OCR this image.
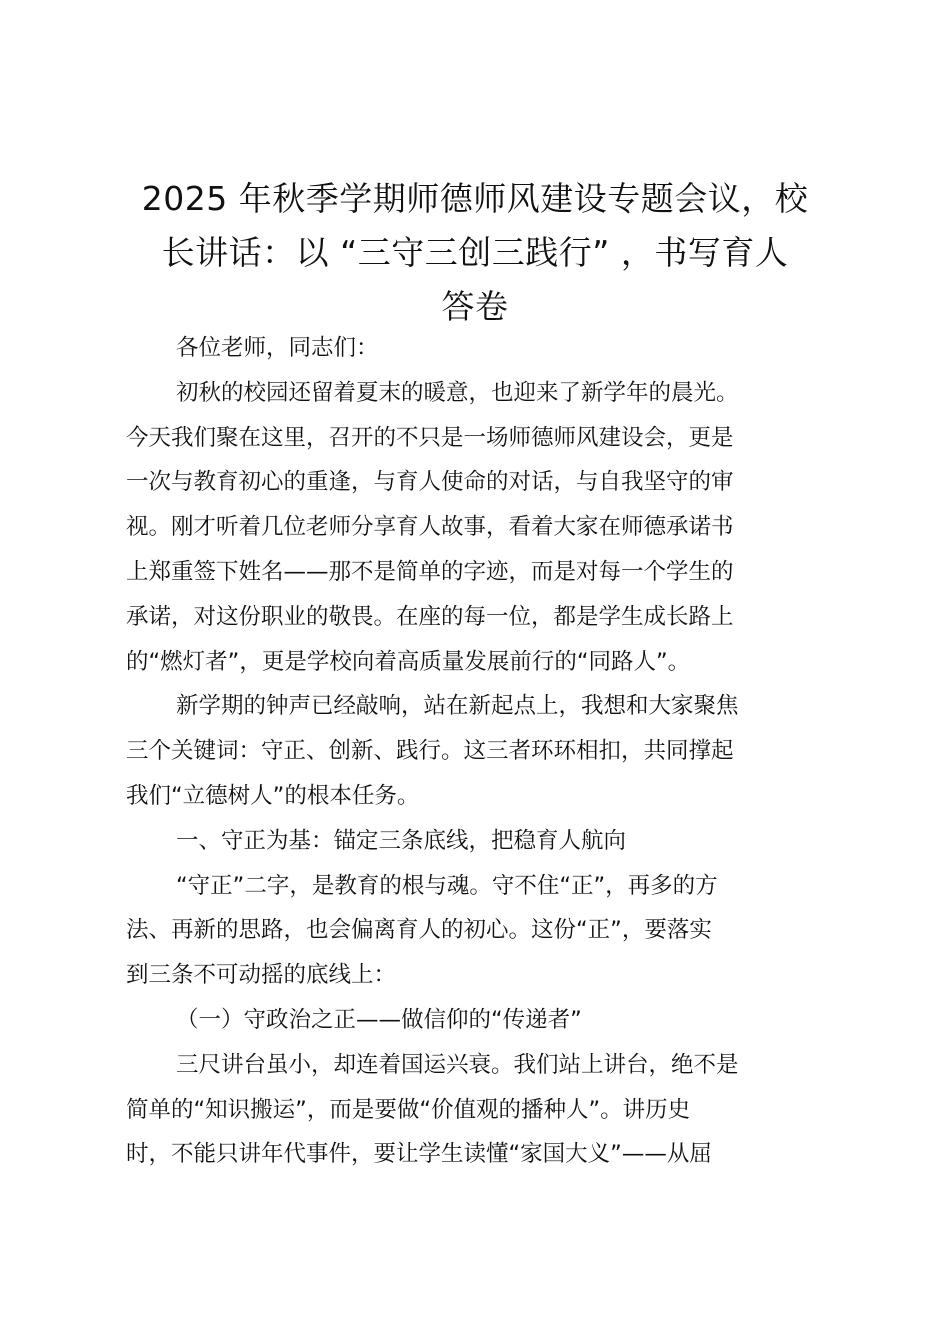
2025 年秋季学期师德师风建设专题会议，校
长讲话：以 “三守三创三践行” ，书写育人
答卷
各位老师，同志们：
初秋的校园还留着夏末的暖意，也迎来了新学年的晨光。
今天我们聚在这里，召开的不只是一场师德师风建设会，更是
一次与教育初心的重逢，与育人使命的对话，与自我坚守的审
视。刚才听着几位老师分享育人故事，看着大家在师德承诺书
上郑重签下姓名——那不是简单的字迹，而是对每一个学生的
承诺，对这份职业的敬畏。在座的每一位，都是学生成长路上
的“燃灯者”，更是学校向着高质量发展前行的“同路人”。
新学期的钟声已经敲响，站在新起点上，我想和大家聚焦
三个关键词：守正、创新、践行。这三者环环相扣，共同撑起
我们“立德树人”的根本任务。
一、守正为基：锚定三条底线，把稳育人航向
“守正”二字，是教育的根与魂。守不住“正”，再多的方
法、再新的思路，也会偏离育人的初心。这份“正”，要落实
到三条不可动摇的底线上：
（一）守政治之正——做信仰的“传递者”
三尺讲台虽小，却连着国运兴衰。我们站上讲台，绝不是
简单的“知识搬运”，而是要做“价值观的播种人”。讲历史
时，不能只讲年代事件，要让学生读懂“家国大义”——从屈
